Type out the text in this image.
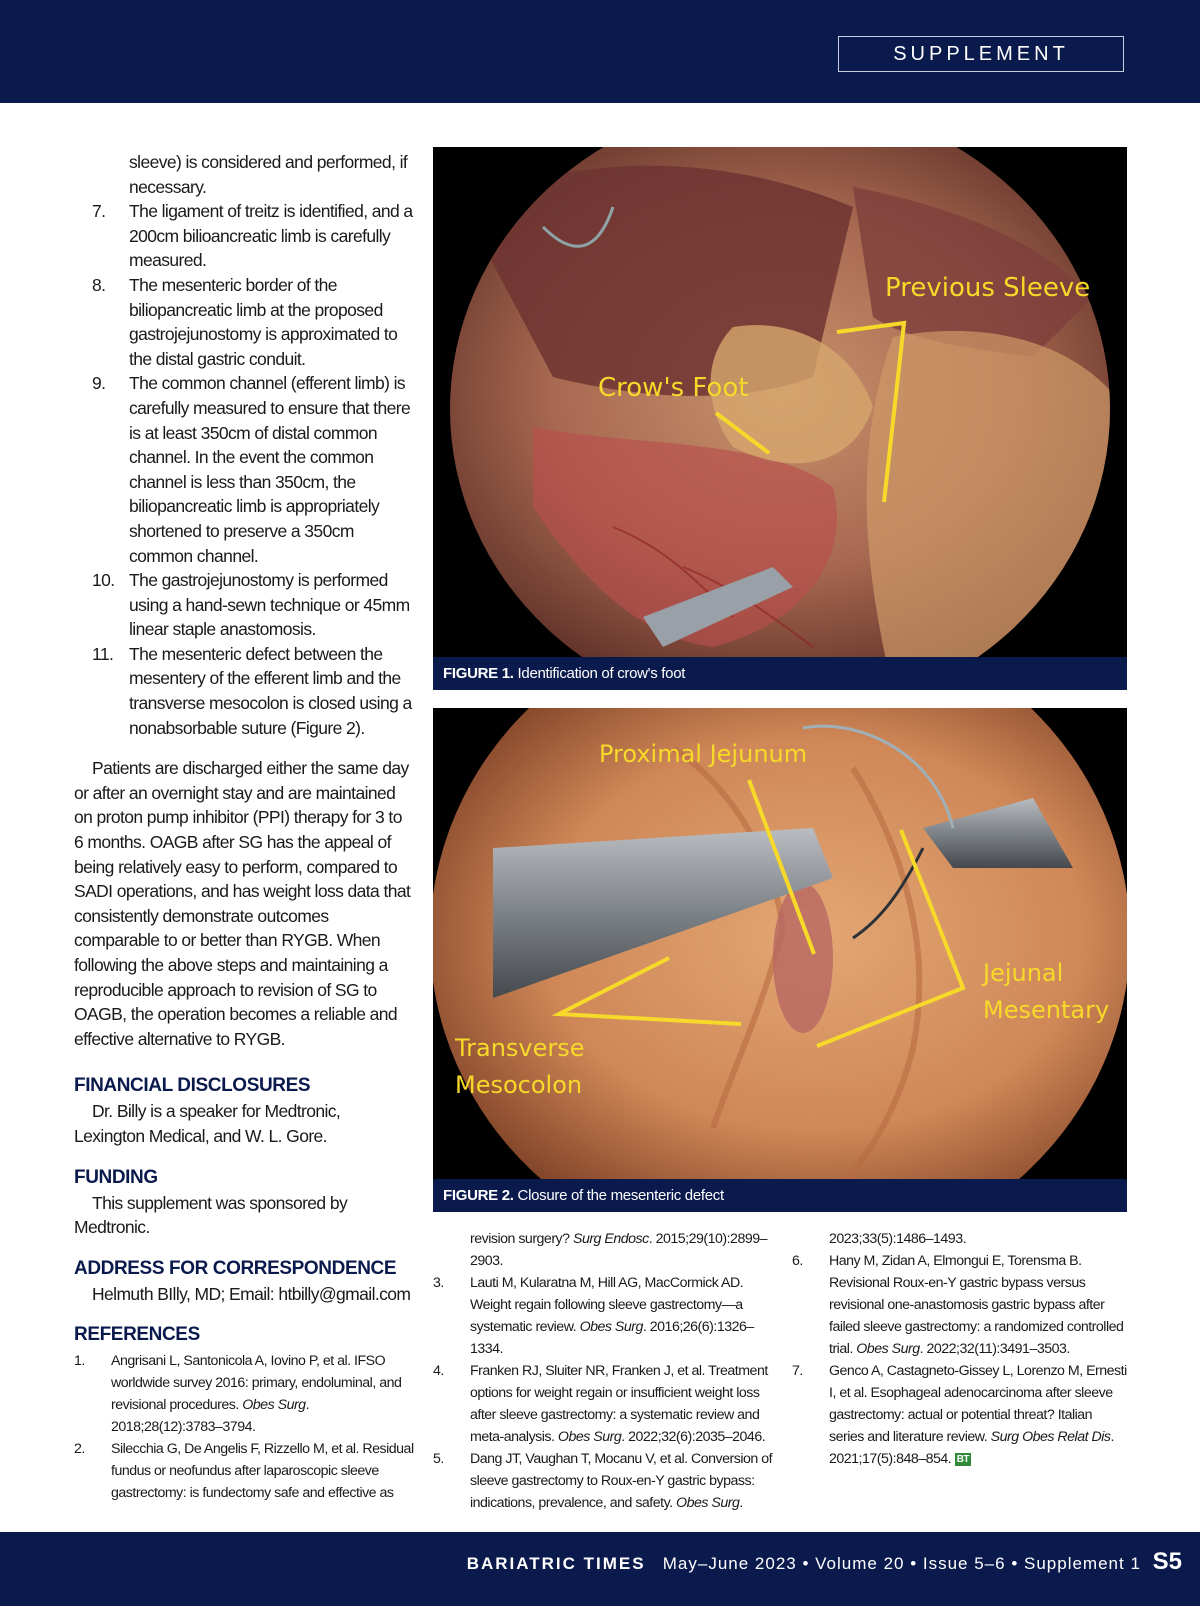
SUPPLEMENT
sleeve) is considered and performed, if necessary.
7. The ligament of treitz is identified, and a 200cm bilioancreatic limb is carefully measured.
8. The mesenteric border of the biliopancreatic limb at the proposed gastrojejunostomy is approximated to the distal gastric conduit.
9. The common channel (efferent limb) is carefully measured to ensure that there is at least 350cm of distal common channel. In the event the common channel is less than 350cm, the biliopancreatic limb is appropriately shortened to preserve a 350cm common channel.
10. The gastrojejunostomy is performed using a hand-sewn technique or 45mm linear staple anastomosis.
11. The mesenteric defect between the mesentery of the efferent limb and the transverse mesocolon is closed using a nonabsorbable suture (Figure 2).

Patients are discharged either the same day or after an overnight stay and are maintained on proton pump inhibitor (PPI) therapy for 3 to 6 months. OAGB after SG has the appeal of being relatively easy to perform, compared to SADI operations, and has weight loss data that consistently demonstrate outcomes comparable to or better than RYGB. When following the above steps and maintaining a reproducible approach to revision of SG to OAGB, the operation becomes a reliable and effective alternative to RYGB.

FINANCIAL DISCLOSURES

Dr. Billy is a speaker for Medtronic, Lexington Medical, and W. L. Gore.

FUNDING

This supplement was sponsored by Medtronic.

ADDRESS FOR CORRESPONDENCE

Helmuth BIlly, MD; Email: htbilly@gmail.com

REFERENCES
1. Angrisani L, Santonicola A, Iovino P, et al. IFSO worldwide survey 2016: primary, endoluminal, and revisional procedures. Obes Surg. 2018;28(12):3783–3794.
2. Silecchia G, De Angelis F, Rizzello M, et al. Residual fundus or neofundus after laparoscopic sleeve gastrectomy: is fundectomy safe and effective as
Previous Sleeve
Crow's Foot
FIGURE 1. Identification of crow's foot
Proximal Jejunum
Jejunal
Mesentary
Transverse
Mesocolon
FIGURE 2. Closure of the mesenteric defect
revision surgery? Surg Endosc. 2015;29(10):2899–2903.
3. Lauti M, Kularatna M, Hill AG, MacCormick AD. Weight regain following sleeve gastrectomy—a systematic review. Obes Surg. 2016;26(6):1326–1334.
4. Franken RJ, Sluiter NR, Franken J, et al. Treatment options for weight regain or insufficient weight loss after sleeve gastrectomy: a systematic review and meta-analysis. Obes Surg. 2022;32(6):2035–2046.
5. Dang JT, Vaughan T, Mocanu V, et al. Conversion of sleeve gastrectomy to Roux-en-Y gastric bypass: indications, prevalence, and safety. Obes Surg.
2023;33(5):1486–1493.
6. Hany M, Zidan A, Elmongui E, Torensma B. Revisional Roux-en-Y gastric bypass versus revisional one-anastomosis gastric bypass after failed sleeve gastrectomy: a randomized controlled trial. Obes Surg. 2022;32(11):3491–3503.
7. Genco A, Castagneto-Gissey L, Lorenzo M, Ernesti I, et al. Esophageal adenocarcinoma after sleeve gastrectomy: actual or potential threat? Italian series and literature review. Surg Obes Relat Dis. 2021;17(5):848–854. BT
BARIATRIC TIMES May–June 2023 • Volume 20 • Issue 5–6 • Supplement 1 S5
